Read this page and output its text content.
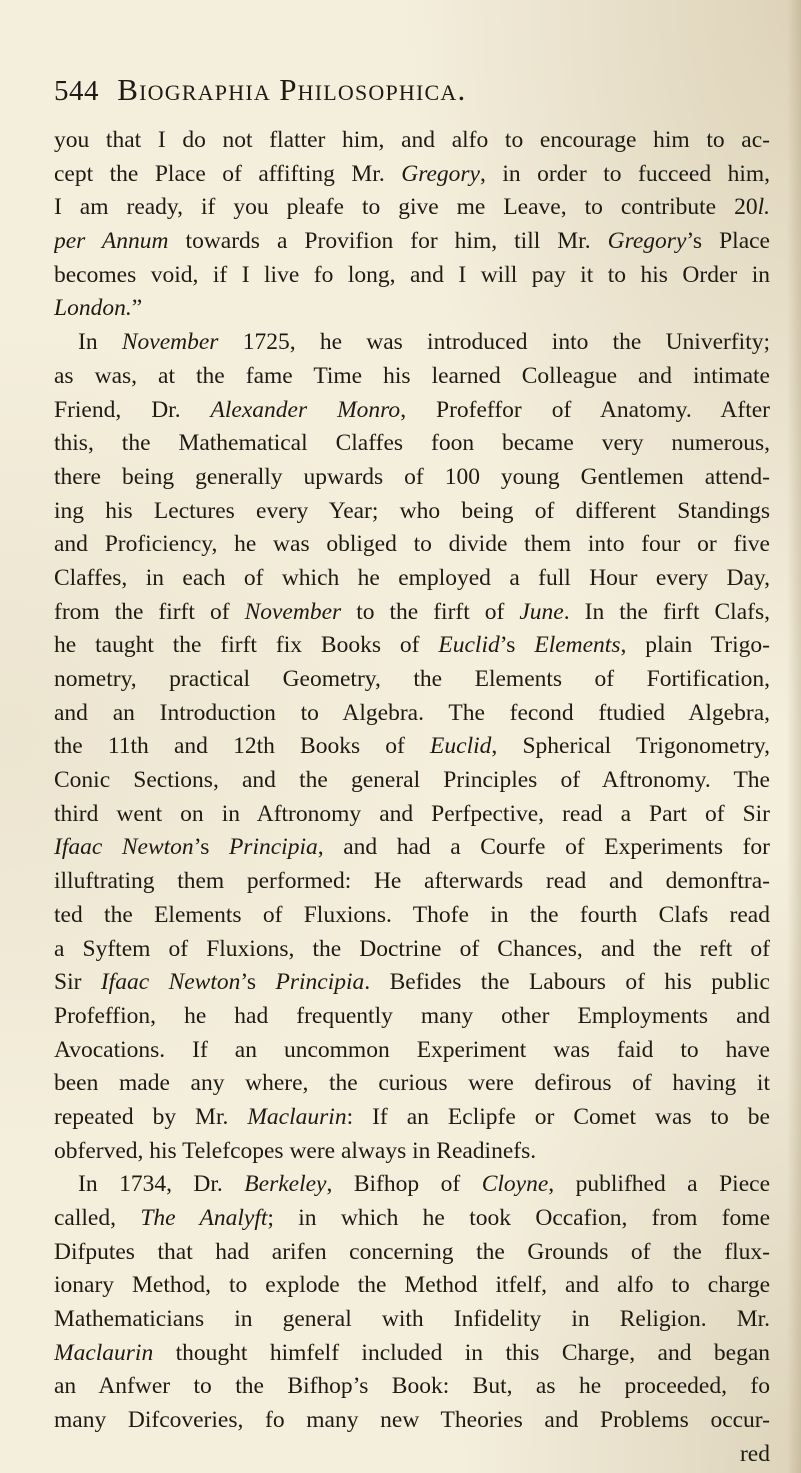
544 Biographia Philosophica.
you that I do not flatter him, and alfo to encourage him to ac-
cept the Place of affifting Mr. Gregory, in order to fucceed him,
I am ready, if you pleafe to give me Leave, to contribute 20l.
per Annum towards a Provifion for him, till Mr. Gregory’s Place
becomes void, if I live fo long, and I will pay it to his Order in
London.”
In November 1725, he was introduced into the Univerfity;
as was, at the fame Time his learned Colleague and intimate
Friend, Dr. Alexander Monro, Profeffor of Anatomy. After
this, the Mathematical Claffes foon became very numerous,
there being generally upwards of 100 young Gentlemen attend-
ing his Lectures every Year; who being of different Standings
and Proficiency, he was obliged to divide them into four or five
Claffes, in each of which he employed a full Hour every Day,
from the firft of November to the firft of June. In the firft Clafs,
he taught the firft fix Books of Euclid’s Elements, plain Trigo-
nometry, practical Geometry, the Elements of Fortification,
and an Introduction to Algebra. The fecond ftudied Algebra,
the 11th and 12th Books of Euclid, Spherical Trigonometry,
Conic Sections, and the general Principles of Aftronomy. The
third went on in Aftronomy and Perfpective, read a Part of Sir
Ifaac Newton’s Principia, and had a Courfe of Experiments for
illuftrating them performed: He afterwards read and demonftra-
ted the Elements of Fluxions. Thofe in the fourth Clafs read
a Syftem of Fluxions, the Doctrine of Chances, and the reft of
Sir Ifaac Newton’s Principia. Befides the Labours of his public
Profeffion, he had frequently many other Employments and
Avocations. If an uncommon Experiment was faid to have
been made any where, the curious were defirous of having it
repeated by Mr. Maclaurin: If an Eclipfe or Comet was to be
obferved, his Telefcopes were always in Readinefs.
In 1734, Dr. Berkeley, Bifhop of Cloyne, publifhed a Piece
called, The Analyft; in which he took Occafion, from fome
Difputes that had arifen concerning the Grounds of the flux-
ionary Method, to explode the Method itfelf, and alfo to charge
Mathematicians in general with Infidelity in Religion. Mr.
Maclaurin thought himfelf included in this Charge, and began
an Anfwer to the Bifhop’s Book: But, as he proceeded, fo
many Difcoveries, fo many new Theories and Problems occur-
red
